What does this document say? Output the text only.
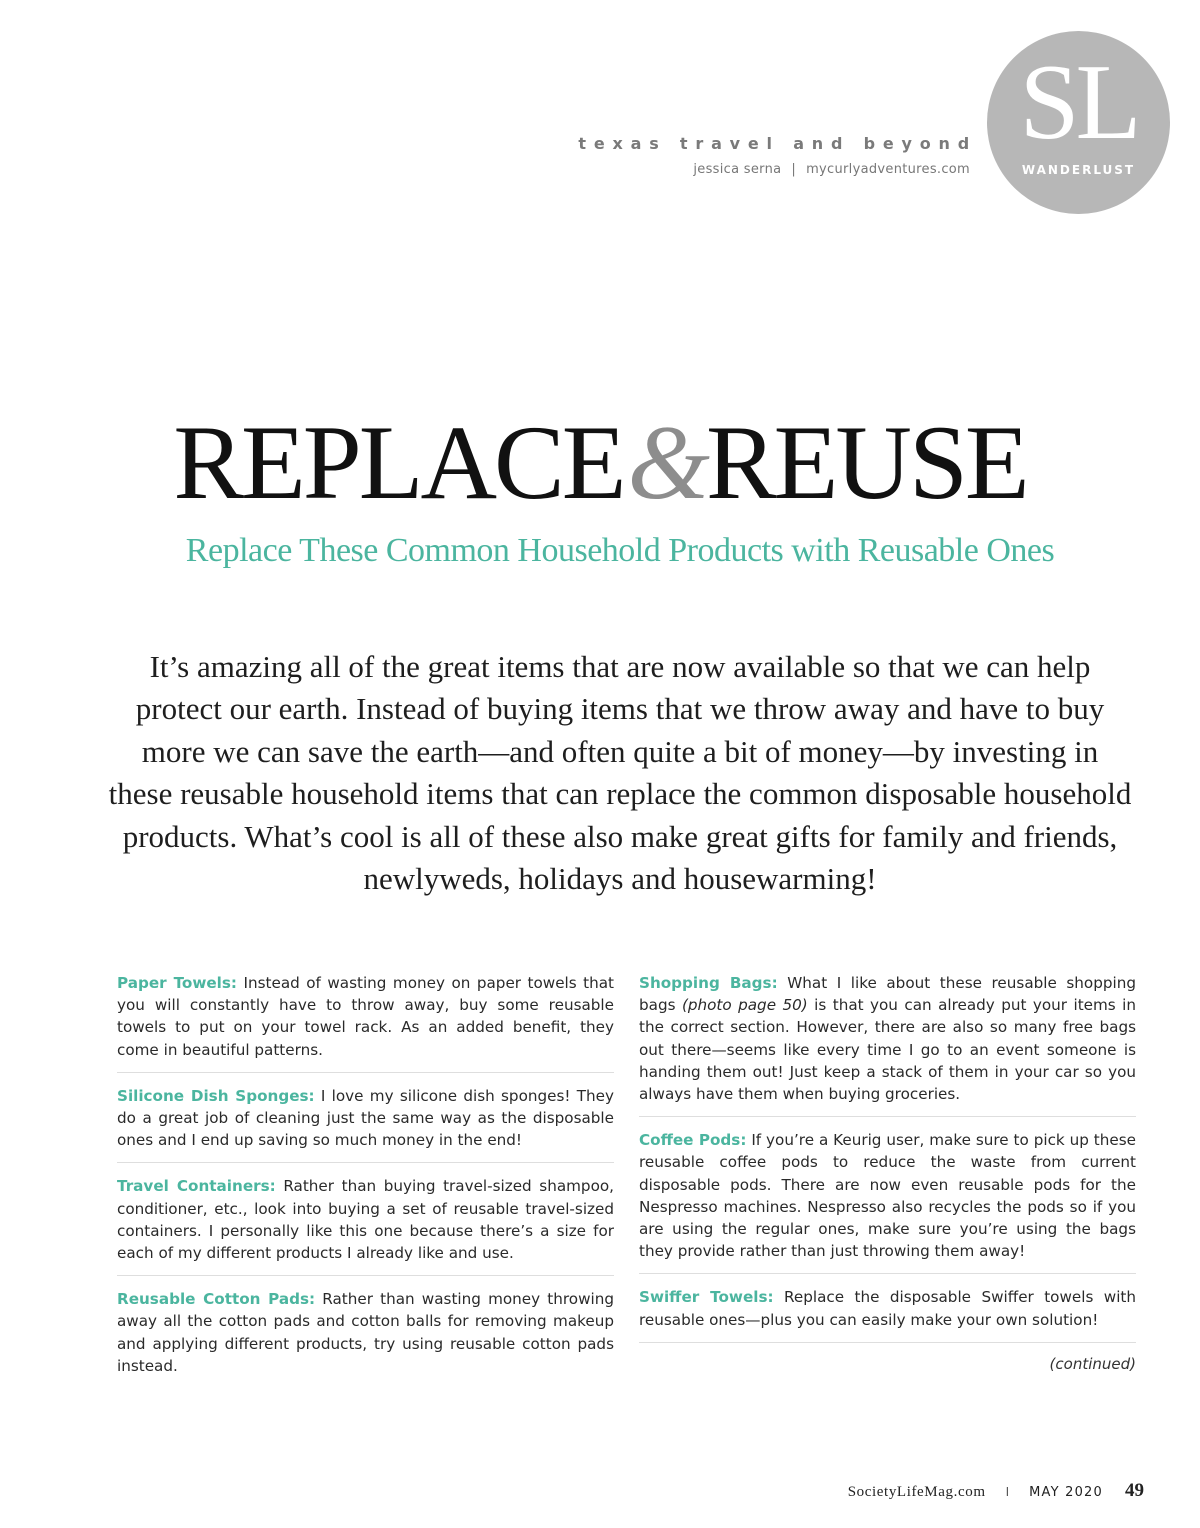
texas travel and beyond
jessica serna | mycurlyadventures.com
SL
WANDERLUST
REPLACE&REUSE
Replace These Common Household Products with Reusable Ones
It’s amazing all of the great items that are now available so that we can help protect our earth. Instead of buying items that we throw away and have to buy more we can save the earth—and often quite a bit of money—by investing in these reusable household items that can replace the common disposable household products. What’s cool is all of these also make great gifts for family and friends, newlyweds, holidays and housewarming!
Paper Towels: Instead of wasting money on paper towels that you will constantly have to throw away, buy some reusable towels to put on your towel rack. As an added benefit, they come in beautiful patterns.
Silicone Dish Sponges: I love my silicone dish sponges! They do a great job of cleaning just the same way as the disposable ones and I end up saving so much money in the end!
Travel Containers: Rather than buying travel-sized shampoo, conditioner, etc., look into buying a set of reusable travel-sized containers. I personally like this one because there’s a size for each of my different products I already like and use.
Reusable Cotton Pads: Rather than wasting money throwing away all the cotton pads and cotton balls for removing makeup and applying different products, try using reusable cotton pads instead.
Shopping Bags: What I like about these reusable shopping bags (photo page 50) is that you can already put your items in the correct section. However, there are also so many free bags out there—seems like every time I go to an event someone is handing them out! Just keep a stack of them in your car so you always have them when buying groceries.
Coffee Pods: If you’re a Keurig user, make sure to pick up these reusable coffee pods to reduce the waste from current disposable pods. There are now even reusable pods for the Nespresso machines. Nespresso also recycles the pods so if you are using the regular ones, make sure you’re using the bags they provide rather than just throwing them away!
Swiffer Towels: Replace the disposable Swiffer towels with reusable ones—plus you can easily make your own solution!
(continued)
SocietyLifeMag.com I MAY 2020 49
